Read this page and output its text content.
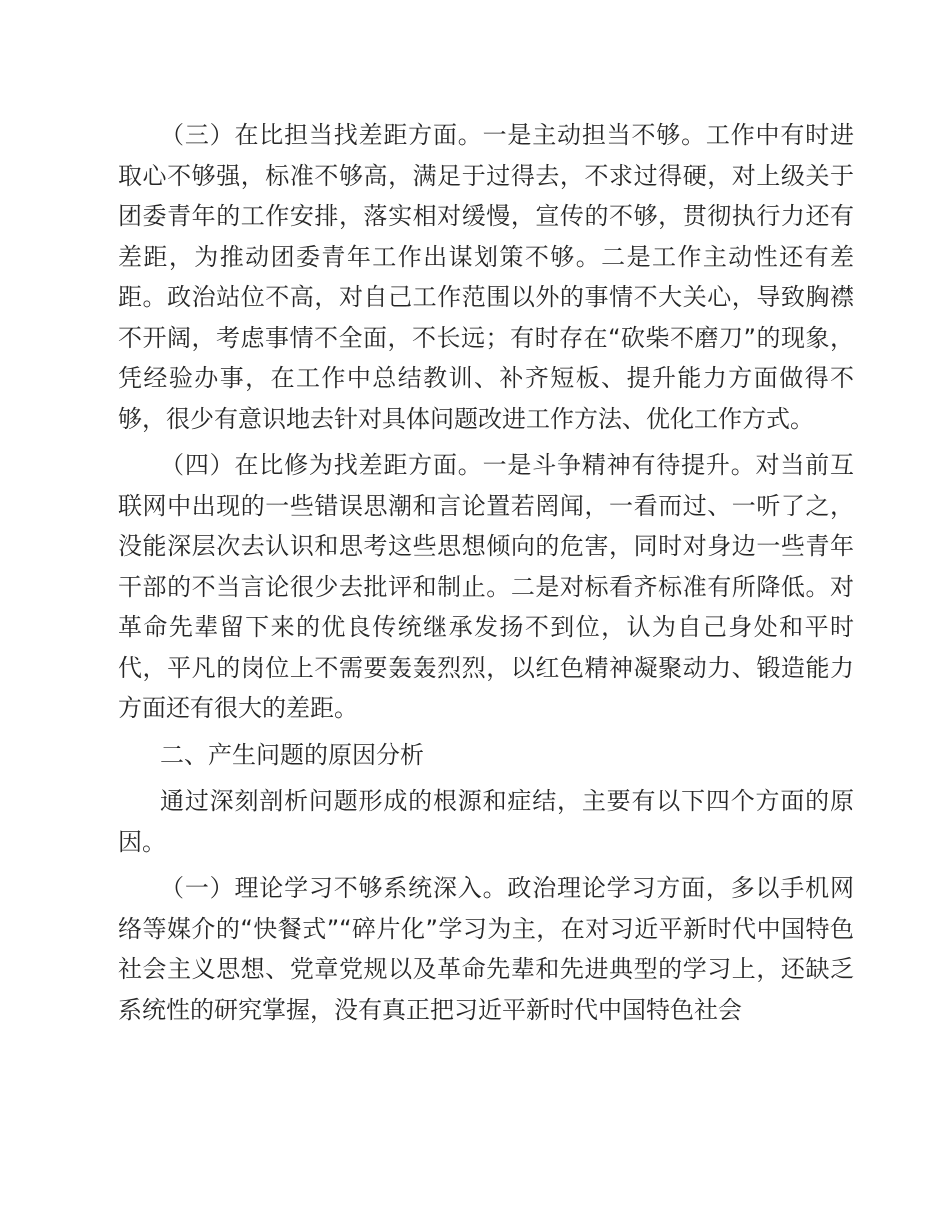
（三）在比担当找差距方面。一是主动担当不够。工作中有时进取心不够强，标准不够高，满足于过得去，不求过得硬，对上级关于团委青年的工作安排，落实相对缓慢，宣传的不够，贯彻执行力还有差距，为推动团委青年工作出谋划策不够。二是工作主动性还有差距。政治站位不高，对自己工作范围以外的事情不大关心，导致胸襟不开阔，考虑事情不全面，不长远；有时存在“砍柴不磨刀”的现象，凭经验办事，在工作中总结教训、补齐短板、提升能力方面做得不够，很少有意识地去针对具体问题改进工作方法、优化工作方式。

（四）在比修为找差距方面。一是斗争精神有待提升。对当前互联网中出现的一些错误思潮和言论置若罔闻，一看而过、一听了之，没能深层次去认识和思考这些思想倾向的危害，同时对身边一些青年干部的不当言论很少去批评和制止。二是对标看齐标准有所降低。对革命先辈留下来的优良传统继承发扬不到位，认为自己身处和平时代，平凡的岗位上不需要轰轰烈烈，以红色精神凝聚动力、锻造能力方面还有很大的差距。

二、产生问题的原因分析

通过深刻剖析问题形成的根源和症结，主要有以下四个方面的原因。

（一）理论学习不够系统深入。政治理论学习方面，多以手机网络等媒介的“快餐式”“碎片化”学习为主，在对习近平新时代中国特色社会主义思想、党章党规以及革命先辈和先进典型的学习上，还缺乏系统性的研究掌握，没有真正把习近平新时代中国特色社会
